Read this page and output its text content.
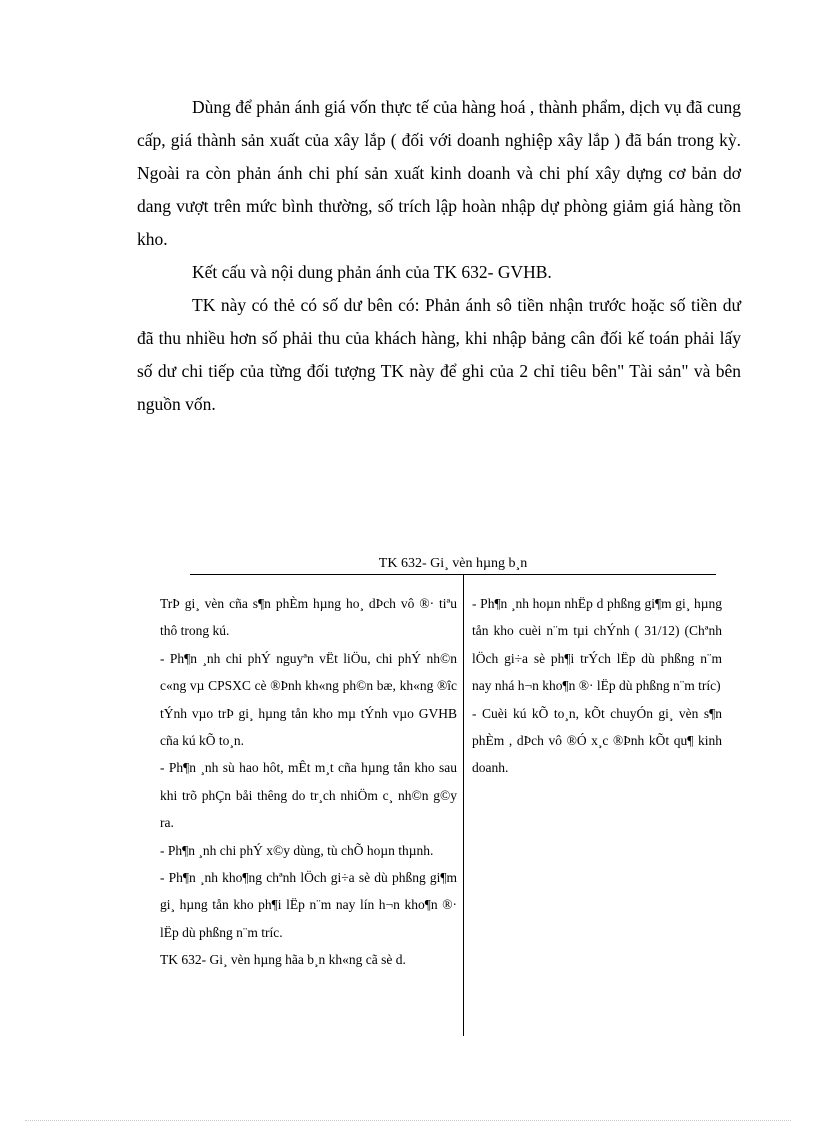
Dùng để phản ánh giá vốn thực tế của hàng hoá , thành phẩm, dịch vụ đã cung cấp, giá thành sản xuất của xây lắp ( đối với doanh nghiệp xây lắp ) đã bán trong kỳ. Ngoài ra còn phản ánh chi phí sản xuất kinh doanh và chi phí xây dựng cơ bản dơ dang vượt trên mức bình thường, số trích lập hoàn nhập dự phòng giảm giá hàng tồn kho.

Kết cấu và nội dung phản ánh của TK 632- GVHB.

TK này có thẻ có số dư bên có: Phản ánh sô tiền nhận trước hoặc số tiền dư đã thu nhiều hơn số phải thu của khách hàng, khi nhập bảng cân đối kế toán phải lấy số dư chi tiếp của từng đối tượng TK này để ghi của 2 chỉ tiêu bên" Tài sản" và bên nguồn vốn.

TK 632- Gi¸ vèn hµng b¸n

TrÞ gi¸ vèn cña s¶n phÈm hµng ho¸ dÞch vô ®· tiªu thô trong kú.

- Ph¶n ¸nh chi phÝ nguyªn vËt liÖu, chi phÝ nh©n c«ng vµ CPSXC cè ®Þnh kh«ng ph©n bæ, kh«ng ®îc tÝnh vµo trÞ gi¸ hµng tån kho mµ tÝnh vµo GVHB cña kú kÕ to¸n.

- Ph¶n ¸nh sù hao hôt, mÊt m¸t cña hµng tån kho sau khi trõ phÇn båi thêng do tr¸ch nhiÖm c¸ nh©n g©y ra.

- Ph¶n ¸nh chi phÝ x©y dùng, tù chÕ hoµn thµnh.

- Ph¶n ¸nh kho¶ng chªnh lÖch gi÷a sè dù phßng gi¶m gi¸ hµng tån kho ph¶i lËp n¨m nay lín h¬n kho¶n ®· lËp dù phßng n¨m tríc.

TK 632- Gi¸ vèn hµng hãa b¸n kh«ng cã sè d.

- Ph¶n ¸nh hoµn nhËp d phßng gi¶m gi¸ hµng tån kho cuèi n¨m tµi chÝnh ( 31/12) (Chªnh lÖch gi÷a sè ph¶i trÝch lËp dù phßng n¨m nay nhá h¬n kho¶n ®· lËp dù phßng n¨m tríc)

- Cuèi kú kÕ to¸n, kÕt chuyÓn gi¸ vèn s¶n phÈm , dÞch vô ®Ó x¸c ®Þnh kÕt qu¶ kinh doanh.
